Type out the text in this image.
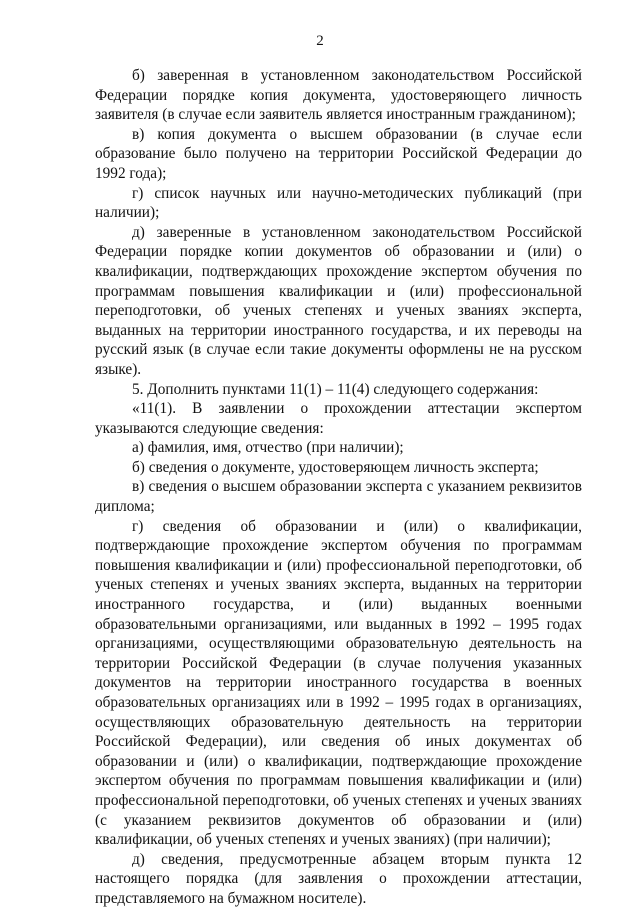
2

б) заверенная в установленном законодательством Российской Федерации порядке копия документа, удостоверяющего личность заявителя (в случае если заявитель является иностранным гражданином);

в) копия документа о высшем образовании (в случае если образование было получено на территории Российской Федерации до 1992 года);

г) список научных или научно-методических публикаций (при наличии);

д) заверенные в установленном законодательством Российской Федерации порядке копии документов об образовании и (или) о квалификации, подтверждающих прохождение экспертом обучения по программам повышения квалификации и (или) профессиональной переподготовки, об ученых степенях и ученых званиях эксперта, выданных на территории иностранного государства, и их переводы на русский язык (в случае если такие документы оформлены не на русском языке).

5. Дополнить пунктами 11(1) – 11(4) следующего содержания:

«11(1). В заявлении о прохождении аттестации экспертом указываются следующие сведения:

а) фамилия, имя, отчество (при наличии);

б) сведения о документе, удостоверяющем личность эксперта;

в) сведения о высшем образовании эксперта с указанием реквизитов диплома;

г) сведения об образовании и (или) о квалификации, подтверждающие прохождение экспертом обучения по программам повышения квалификации и (или) профессиональной переподготовки, об ученых степенях и ученых званиях эксперта, выданных на территории иностранного государства, и (или) выданных военными образовательными организациями, или выданных в 1992 – 1995 годах организациями, осуществляющими образовательную деятельность на территории Российской Федерации (в случае получения указанных документов на территории иностранного государства в военных образовательных организациях или в 1992 – 1995 годах в организациях, осуществляющих образовательную деятельность на территории Российской Федерации), или сведения об иных документах об образовании и (или) о квалификации, подтверждающие прохождение экспертом обучения по программам повышения квалификации и (или) профессиональной переподготовки, об ученых степенях и ученых званиях (с указанием реквизитов документов об образовании и (или) квалификации, об ученых степенях и ученых званиях) (при наличии);

д) сведения, предусмотренные абзацем вторым пункта 12 настоящего порядка (для заявления о прохождении аттестации, представляемого на бумажном носителе).
